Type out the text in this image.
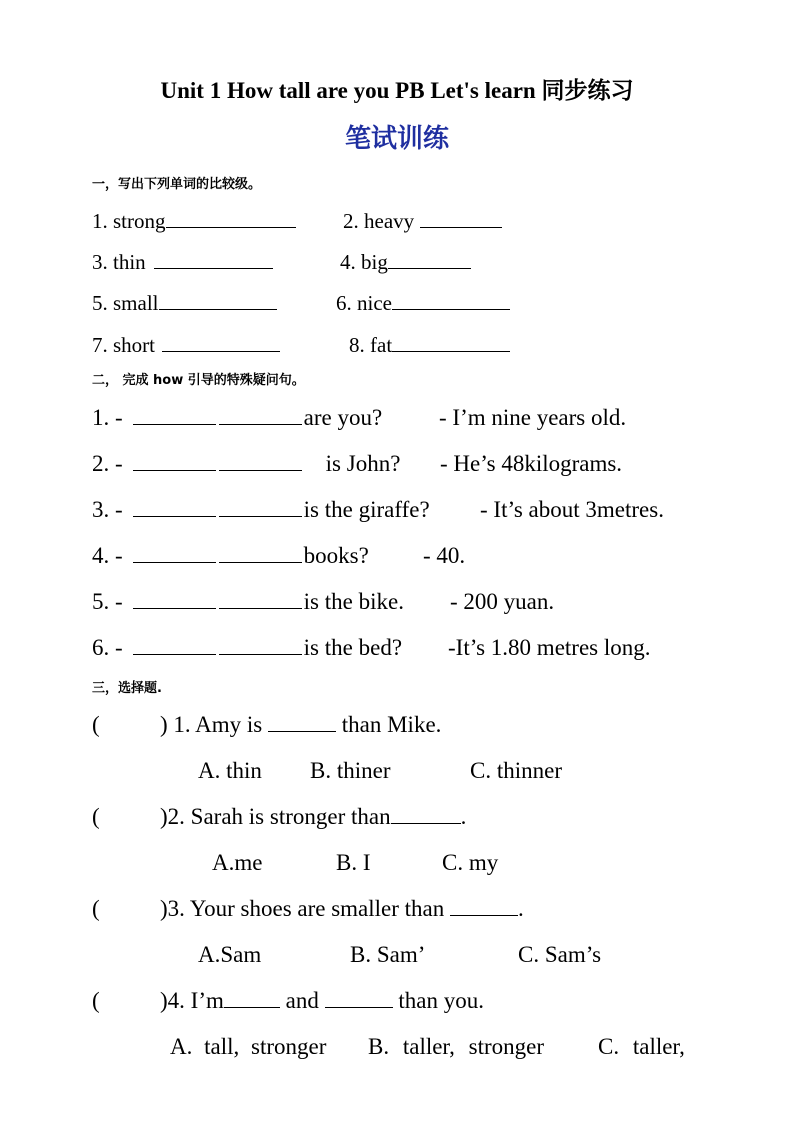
Unit 1 How tall are you PB Let's learn 同步练习
笔试训练
一，写出下列单词的比较级。
1. strong	2. heavy
3. thin	4. big
5. small	6. nice
7. short	8. fat
二， 完成 how 引导的特殊疑问句。
1. -	are you? - I’m nine years old.
2. -	is John? - He’s 48kilograms.
3. -	is the giraffe? - It’s about 3metres.
4. -	books? - 40.
5. -	is the bike. - 200 yuan.
6. -	is the bed? -It’s 1.80 metres long.
三，选择题.
(	) 1. Amy is	than Mike.
A. thin B. thiner	C. thinner
(	) 2. Sarah is stronger than	.
A.me	B. I	C. my
(	) 3. Your shoes are smaller than	.
A.Sam	B. Sam’	C. Sam’s
(	) 4. I’m and	than you.
A. tall, stronger B. taller, stronger C. taller,
